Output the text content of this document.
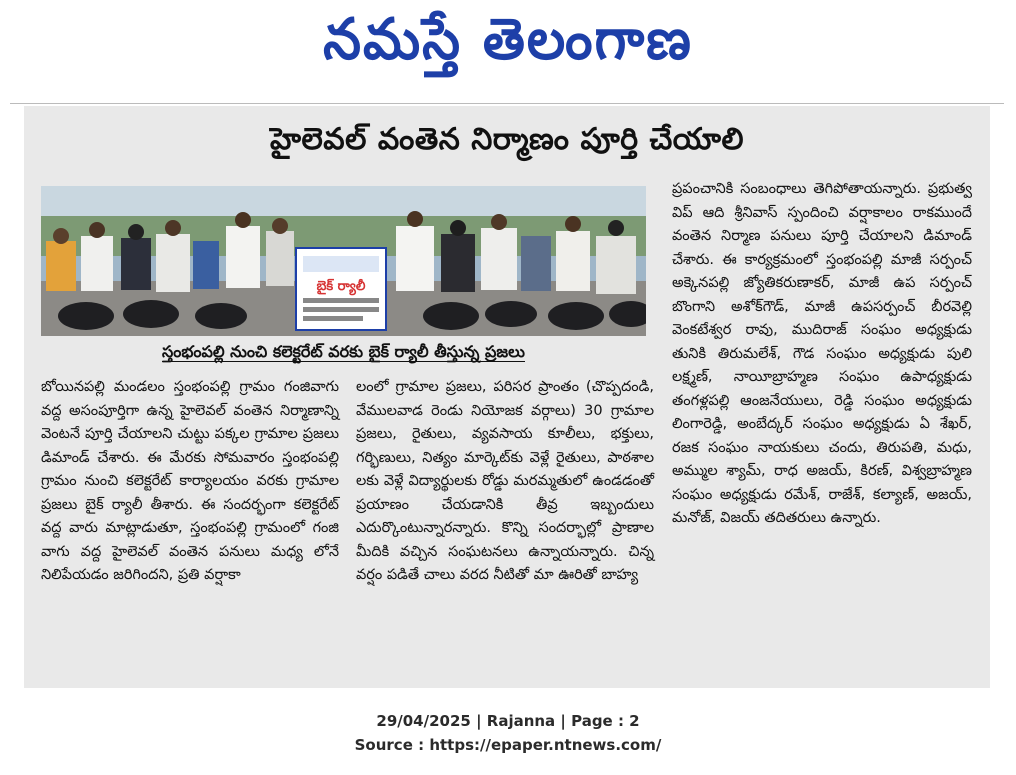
నమస్తే తెలంగాణ
హైలెవల్ వంతెన నిర్మాణం పూర్తి చేయాలి
బైక్ ర్యాలీ
స్తంభంపల్లి నుంచి కలెక్టరేట్ వరకు బైక్ ర్యాలీ తీస్తున్న ప్రజలు
బోయినపల్లి మండలం స్తంభంపల్లి గ్రామం గంజివాగు వద్ద అసంపూర్తిగా ఉన్న హైలెవల్ వంతెన నిర్మాణాన్ని వెంటనే పూర్తి చేయాలని చుట్టు పక్కల గ్రామాల ప్రజలు డిమాండ్ చేశారు. ఈ మేరకు సోమవారం స్తంభంపల్లి గ్రామం నుంచి కలెక్టరేట్ కార్యాలయం వరకు గ్రామాల ప్రజలు బైక్ ర్యాలీ తీశారు. ఈ సందర్భంగా కలెక్టరేట్ వద్ద వారు మాట్లాడుతూ, స్తంభంపల్లి గ్రామంలో గంజి వాగు వద్ద హైలెవల్ వంతెన పనులు మధ్య లోనే నిలిపేయడం జరిగిందని, ప్రతి వర్షాకా
లంలో గ్రామాల ప్రజలు, పరిసర ప్రాంతం (చొప్పదండి, వేములవాడ రెండు నియోజక వర్గాలు) 30 గ్రామాల ప్రజలు, రైతులు, వ్యవసాయ కూలీలు, భక్తులు, గర్భిణులు, నిత్యం మార్కెట్‌కు వెళ్లే రైతులు, పాఠశాల లకు వెళ్లే విద్యార్థులకు రోడ్డు మరమ్మతులో ఉండడంతో ప్రయాణం చేయడానికి తీవ్ర ఇబ్బందులు ఎదుర్కొంటున్నారన్నారు. కొన్ని సందర్భాల్లో ప్రాణాల మీదికి వచ్చిన సంఘటనలు ఉన్నాయన్నారు. చిన్న వర్షం పడితే చాలు వరద నీటితో మా ఊరితో బాహ్య
ప్రపంచానికి సంబంధాలు తెగిపోతాయన్నారు. ప్రభుత్వ విప్ ఆది శ్రీనివాస్ స్పందించి వర్షాకాలం రాకముందే వంతెన నిర్మాణ పనులు పూర్తి చేయాలని డిమాండ్ చేశారు. ఈ కార్యక్రమంలో స్తంభంపల్లి మాజీ సర్పంచ్ అక్కెనపల్లి జ్యోతికరుణాకర్, మాజీ ఉప సర్పంచ్ బొంగాని అశోక్‌గౌడ్, మాజీ ఉపసర్పంచ్ బీరవెల్లి వెంకటేశ్వర రావు, ముదిరాజ్ సంఘం అధ్యక్షుడు తునికి తిరుమలేశ్, గౌడ సంఘం అధ్యక్షుడు పులి లక్ష్మణ్, నాయీబ్రాహ్మణ సంఘం ఉపాధ్యక్షుడు తంగళ్లపల్లి ఆంజనేయులు, రెడ్డి సంఘం అధ్యక్షుడు లింగారెడ్డి, అంబేద్కర్ సంఘం అధ్యక్షుడు ఏ శేఖర్, రజక సంఘం నాయకులు చందు, తిరుపతి, మధు, అమ్ముల శ్యామ్, రాధ అజయ్, కిరణ్, విశ్వబ్రాహ్మణ సంఘం అధ్యక్షుడు రమేశ్, రాజేశ్, కల్యాణ్, అజయ్, మనోజ్, విజయ్ తదితరులు ఉన్నారు.
29/04/2025 | Rajanna | Page : 2
Source : https://epaper.ntnews.com/
